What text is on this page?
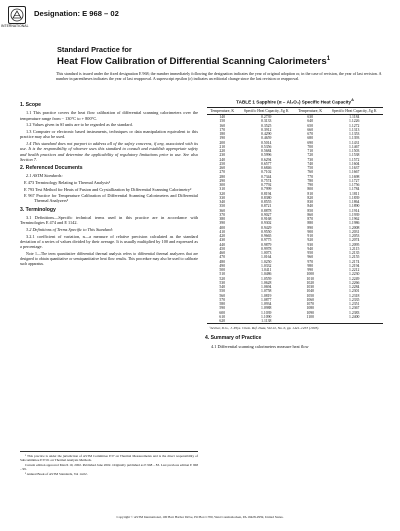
INTERNATIONAL
Designation: E 968 – 02
Standard Practice for
Heat Flow Calibration of Differential Scanning Calorimeters$^1$
This standard is issued under the fixed designation E 968; the number immediately following the designation indicates the year of original adoption or, in the case of revision, the year of last revision. A number in parentheses indicates the year of last reapproval. A superscript epsilon (ε) indicates an editorial change since the last revision or reapproval.
1. Scope

1.1 This practice covers the heat flow calibration of differential scanning calorimeters over the temperature range from − 130°C to + 800°C.

1.2 Values given in SI units are to be regarded as the standard.

1.3 Computer or electronic based instruments, techniques or data manipulation equivalent to this practice may also be used.

1.4 This standard does not purport to address all of the safety concerns, if any, associated with its use. It is the responsibility of whoever uses this standard to consult and establish appropriate safety and health practices and determine the applicability of regulatory limitations prior to use. See also Section 7.

2. Referenced Documents

2.1 ASTM Standards:

E 473 Terminology Relating to Thermal Analysis²

E 793 Test Method for Heats of Fusion and Crystallization by Differential Scanning Calorimetry²

E 967 Practice for Temperature Calibration of Differential Scanning Calorimeters and Differential Thermal Analyzers²

3. Terminology

3.1 Definitions—Specific technical terms used in this practice are in accordance with Terminologies E 474 and E 1142.

3.2 Definitions of Terms Specific to This Standard:

3.2.1 coefficient of variation, n—a measure of relative precision calculated as the standard deviation of a series of values divided by their average. It is usually multiplied by 100 and expressed as a percentage.

Note 1—The term quantitative differential thermal analysis refers to differential thermal analyzers that are designed to obtain quantitative or semiquantitative heat flow results. This procedure may also be used to calibrate such apparatus.

¹ This practice is under the jurisdiction of ASTM Committee E37 on Thermal Measurements and is the direct responsibility of Subcommittee E37.01 on Thermal Analysis Methods.

Current edition approved March 10, 2002. Published June 2002. Originally published as E 968 – 83. Last previous edition E 968 – 99.

² Annual Book of ASTM Standards, Vol 14.02.

TABLE 1 Sapphire (α – Al₂O₃) Specific Heat Capacity$^A$
Temperature, K	Specific Heat Capacity, J/g K	Temperature, K	Specific Heat Capacity, J/g K
140	0.2739	630	1.1184
150	0.3133	640	1.1226
160	0.3525	650	1.1272
170	0.3912	660	1.1313
180	0.4290	670	1.1353
190	0.4659	680	1.1393
200	0.5014	690	1.1431
210	0.5356	700	1.1467
220	0.5684	710	1.1503
230	0.5996	720	1.1538
240	0.6294	730	1.1572
250	0.6577	740	1.1604
260	0.6846	750	1.1637
270	0.7102	760	1.1667
280	0.7344	770	1.1698
290	0.7574	780	1.1727
300	0.7792	790	1.1756
310	0.7999	800	1.1784
320	0.8194	810	1.1811
330	0.8380	820	1.1839
340	0.8555	830	1.1864
350	0.8721	840	1.1890
360	0.8878	850	1.1914
370	0.9027	860	1.1939
380	0.9168	870	1.1962
390	0.9302	880	1.1986
400	0.9429	890	1.2008
410	0.9550	900	1.2031
420	0.9665	910	1.2053
430	0.9775	920	1.2074
440	0.9879	930	1.2095
450	0.9978	940	1.2115
460	1.0073	950	1.2135
470	1.0164	960	1.2155
480	1.0250	970	1.2174
490	1.0332	980	1.2194
500	1.0411	990	1.2212
510	1.0486	1000	1.2230
520	1.0559	1010	1.2249
530	1.0628	1020	1.2266
540	1.0694	1030	1.2284
550	1.0758	1040	1.2301
560	1.0819	1050	1.2318
570	1.0877	1060	1.2335
580	1.0934	1070	1.2351
590	1.0988	1080	1.2367
600	1.1039	1090	1.2383
610	1.1090	1100	1.2400
620	1.1138		
ᴬArchar, D.G., J. Phys. Chem. Ref. Data, Vol 22, No. 6, pp. 1441–1453 (1993).
4. Summary of Practice

4.1 Differential scanning calorimeters measure heat flow

Copyright © ASTM International, 100 Barr Harbor Drive, PO Box C700, West Conshohocken, PA 19428-2959, United States.
